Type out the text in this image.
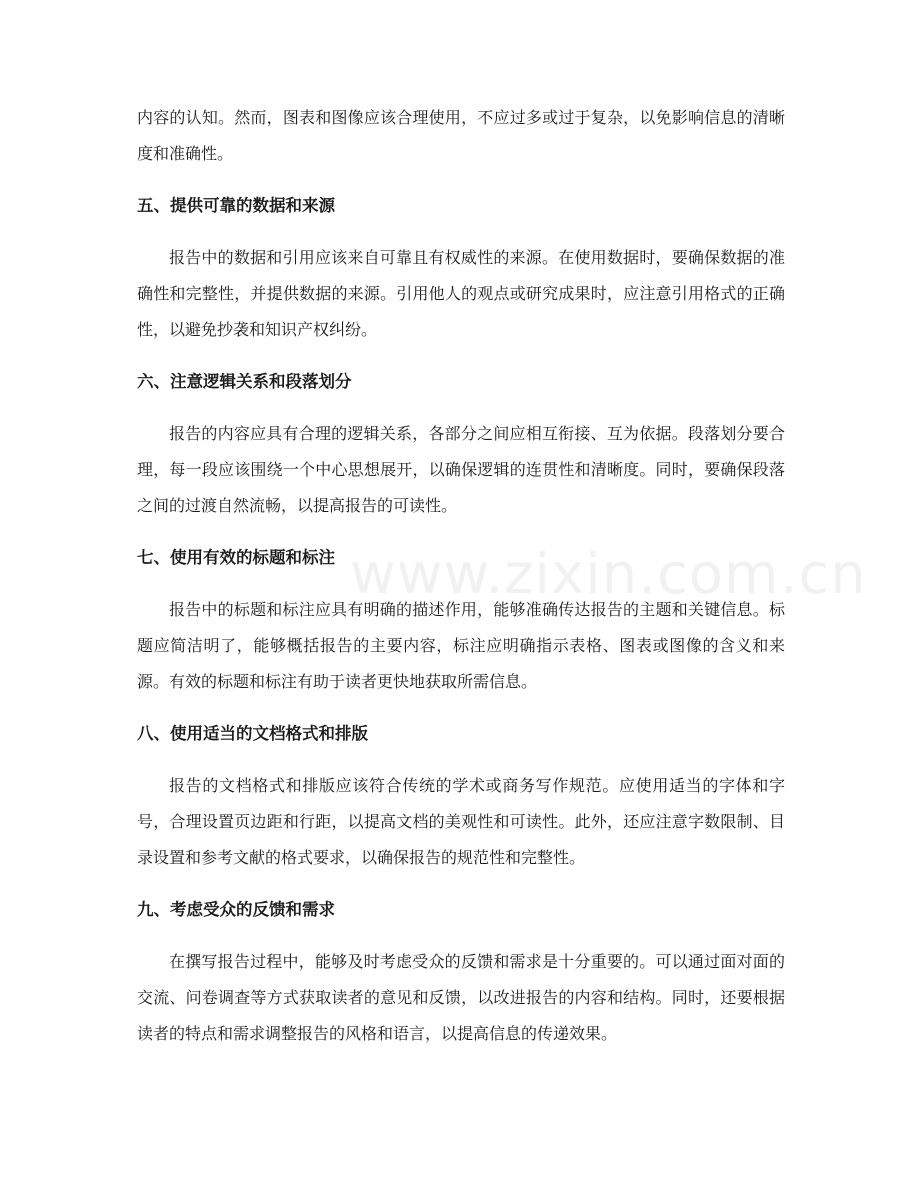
www.zixin.com.cn

内容的认知。然而，图表和图像应该合理使用，不应过多或过于复杂，以免影响信息的清晰度和准确性。

五、提供可靠的数据和来源

报告中的数据和引用应该来自可靠且有权威性的来源。在使用数据时，要确保数据的准确性和完整性，并提供数据的来源。引用他人的观点或研究成果时，应注意引用格式的正确性，以避免抄袭和知识产权纠纷。

六、注意逻辑关系和段落划分

报告的内容应具有合理的逻辑关系，各部分之间应相互衔接、互为依据。段落划分要合理，每一段应该围绕一个中心思想展开，以确保逻辑的连贯性和清晰度。同时，要确保段落之间的过渡自然流畅，以提高报告的可读性。

七、使用有效的标题和标注

报告中的标题和标注应具有明确的描述作用，能够准确传达报告的主题和关键信息。标题应简洁明了，能够概括报告的主要内容，标注应明确指示表格、图表或图像的含义和来源。有效的标题和标注有助于读者更快地获取所需信息。

八、使用适当的文档格式和排版

报告的文档格式和排版应该符合传统的学术或商务写作规范。应使用适当的字体和字号，合理设置页边距和行距，以提高文档的美观性和可读性。此外，还应注意字数限制、目录设置和参考文献的格式要求，以确保报告的规范性和完整性。

九、考虑受众的反馈和需求

在撰写报告过程中，能够及时考虑受众的反馈和需求是十分重要的。可以通过面对面的交流、问卷调查等方式获取读者的意见和反馈，以改进报告的内容和结构。同时，还要根据读者的特点和需求调整报告的风格和语言，以提高信息的传递效果。
